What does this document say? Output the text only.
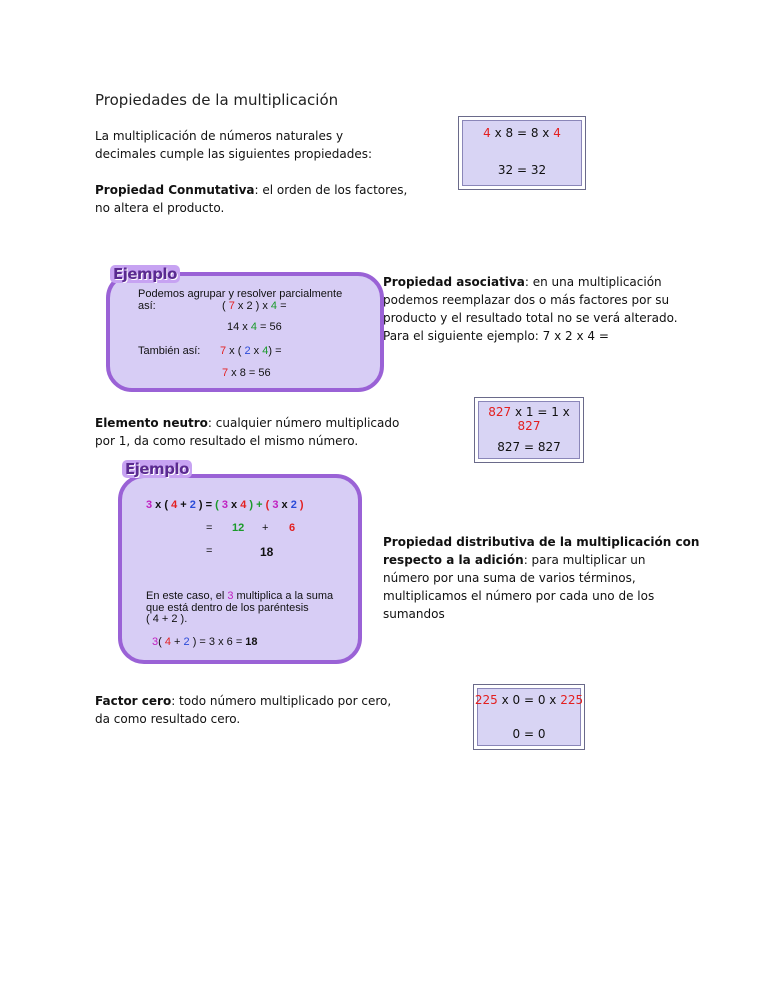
Propiedades de la multiplicación
La multiplicación de números naturales y
decimales cumple las siguientes propiedades:
Propiedad Conmutativa: el orden de los factores,
no altera el producto.
4 x 8 = 8 x 4
32 = 32
Ejemplo
Podemos agrupar y resolver parcialmente
así:	( 7 x 2 ) x 4 =
14 x 4 = 56
También así: 7 x ( 2 x 4) =
7 x 8 = 56
Propiedad asociativa: en una multiplicación
podemos reemplazar dos o más factores por su
producto y el resultado total no se verá alterado.
Para el siguiente ejemplo: 7 x 2 x 4 =
Elemento neutro: cualquier número multiplicado
por 1, da como resultado el mismo número.
827 x 1 = 1 x 827
827 = 827
Ejemplo
3 x ( 4 + 2 ) = ( 3 x 4 ) + ( 3 x 2 )
= 12 + 6
=	18
En este caso, el 3 multiplica a la suma
que está dentro de los paréntesis
( 4 + 2 ).
3( 4 + 2 ) = 3 x 6 = 18
Propiedad distributiva de la multiplicación con
respecto a la adición: para multiplicar un
número por una suma de varios términos,
multiplicamos el número por cada uno de los
sumandos
Factor cero: todo número multiplicado por cero,
da como resultado cero.
225 x 0 = 0 x 225
0 = 0
